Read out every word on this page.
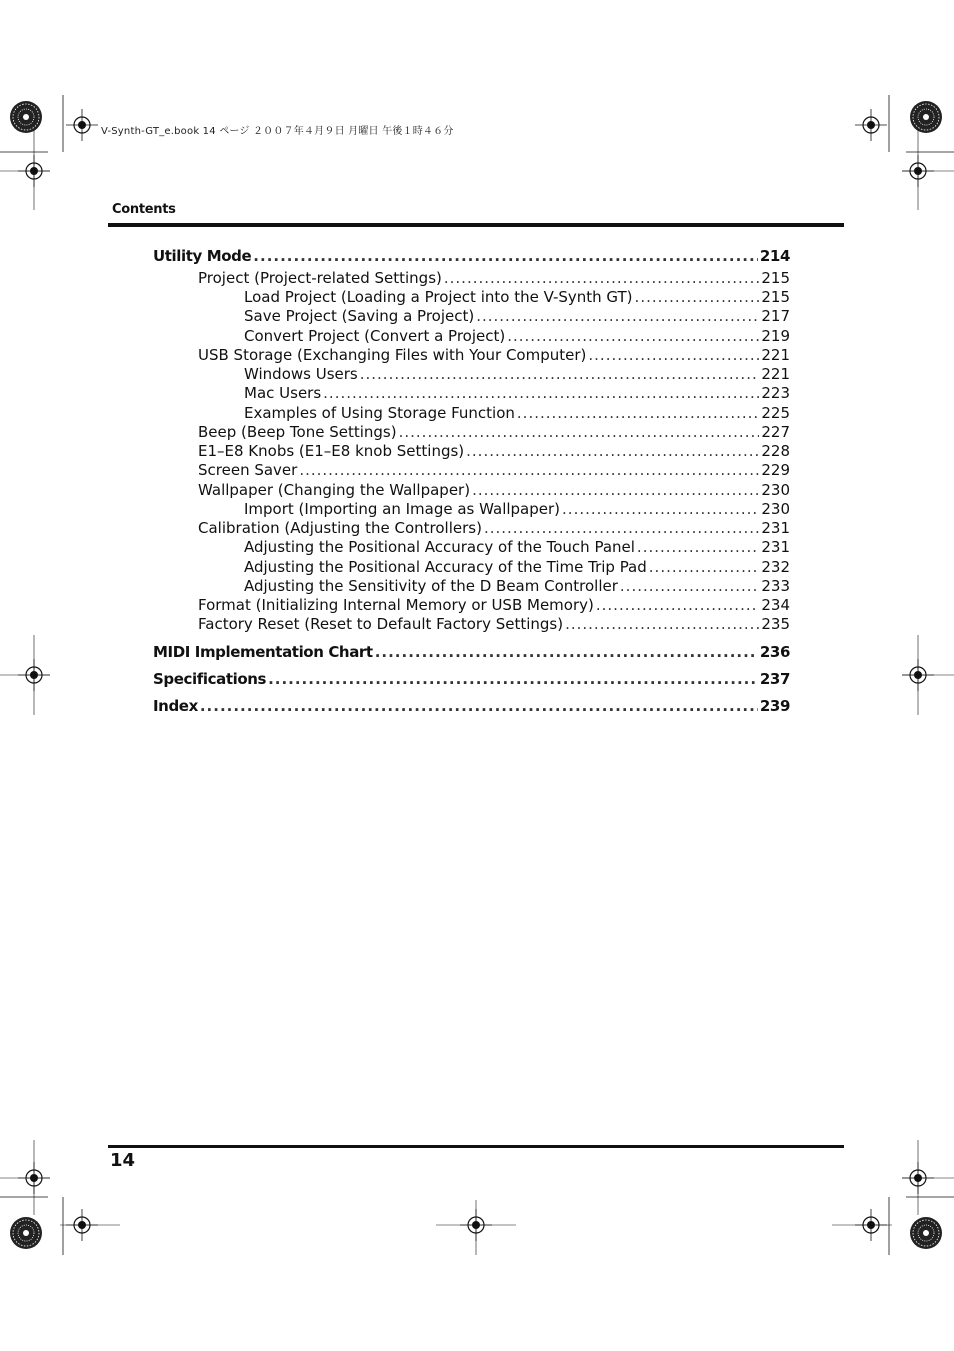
V-Synth-GT_e.book 14 ページ ２００７年４月９日 月曜日 午後１時４６分
Contents
Utility Mode .....	214
Project (Project-related Settings) .....	215
Load Project (Loading a Project into the V-Synth GT) .....	215
Save Project (Saving a Project) .....	217
Convert Project (Convert a Project) .....	219
USB Storage (Exchanging Files with Your Computer) .....	221
Windows Users .....	221
Mac Users .....	223
Examples of Using Storage Function .....	225
Beep (Beep Tone Settings) .....	227
E1–E8 Knobs (E1–E8 knob Settings) .....	228
Screen Saver .....	229
Wallpaper (Changing the Wallpaper) .....	230
Import (Importing an Image as Wallpaper) .....	230
Calibration (Adjusting the Controllers) .....	231
Adjusting the Positional Accuracy of the Touch Panel .....	231
Adjusting the Positional Accuracy of the Time Trip Pad .....	232
Adjusting the Sensitivity of the D Beam Controller .....	233
Format (Initializing Internal Memory or USB Memory) .....	234
Factory Reset (Reset to Default Factory Settings) .....	235
MIDI Implementation Chart .....	236
Specifications .....	237
Index .....	239
14
